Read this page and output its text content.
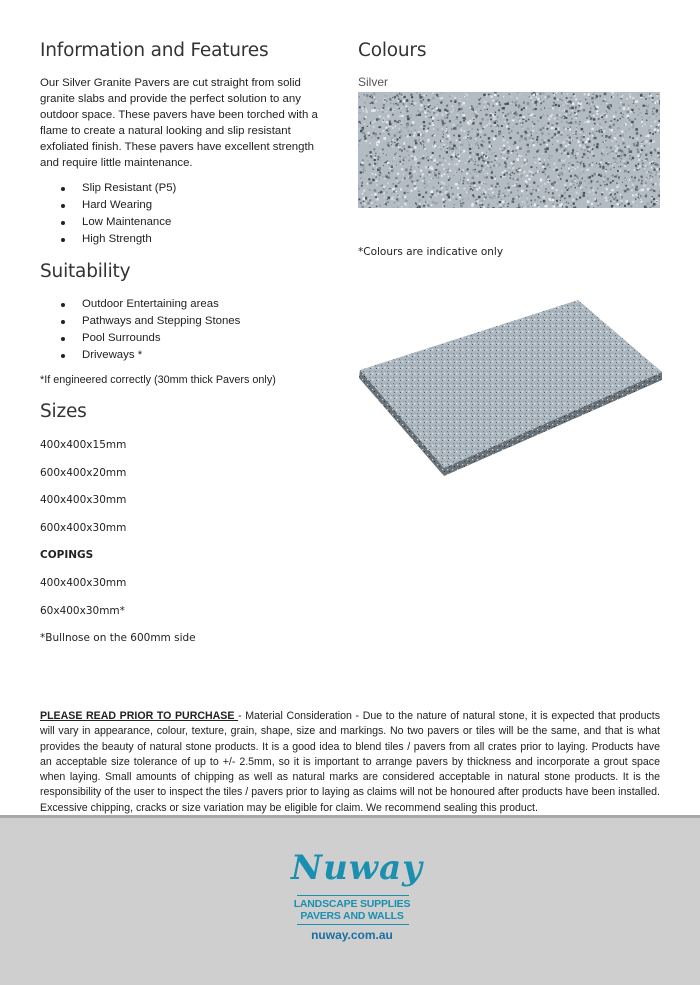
Information and Features

Our Silver Granite Pavers are cut straight from solid granite slabs and provide the perfect solution to any outdoor space. These pavers have been torched with a flame to create a natural looking and slip resistant exfoliated finish. These pavers have excellent strength and require little maintenance.

Slip Resistant (P5)
Hard Wearing
Low Maintenance
High Strength
Suitability
Outdoor Entertaining areas
Pathways and Stepping Stones
Pool Surrounds
Driveways *
*If engineered correctly (30mm thick Pavers only)
Sizes
400x400x15mm
600x400x20mm
400x400x30mm
600x400x30mm
COPINGS
400x400x30mm
60x400x30mm*
*Bullnose on the 600mm side
Colours
Silver
*Colours are indicative only
PLEASE READ PRIOR TO PURCHASE - Material Consideration - Due to the nature of natural stone, it is expected that products will vary in appearance, colour, texture, grain, shape, size and markings. No two pavers or tiles will be the same, and that is what provides the beauty of natural stone products. It is a good idea to blend tiles / pavers from all crates prior to laying. Products have an acceptable size tolerance of up to +/- 2.5mm, so it is important to arrange pavers by thickness and incorporate a grout space when laying. Small amounts of chipping as well as natural marks are considered acceptable in natural stone products. It is the responsibility of the user to inspect the tiles / pavers prior to laying as claims will not be honoured after products have been installed. Excessive chipping, cracks or size variation may be eligible for claim. We recommend sealing this product.
Nuway
LANDSCAPE SUPPLIES
PAVERS AND WALLS
nuway.com.au
